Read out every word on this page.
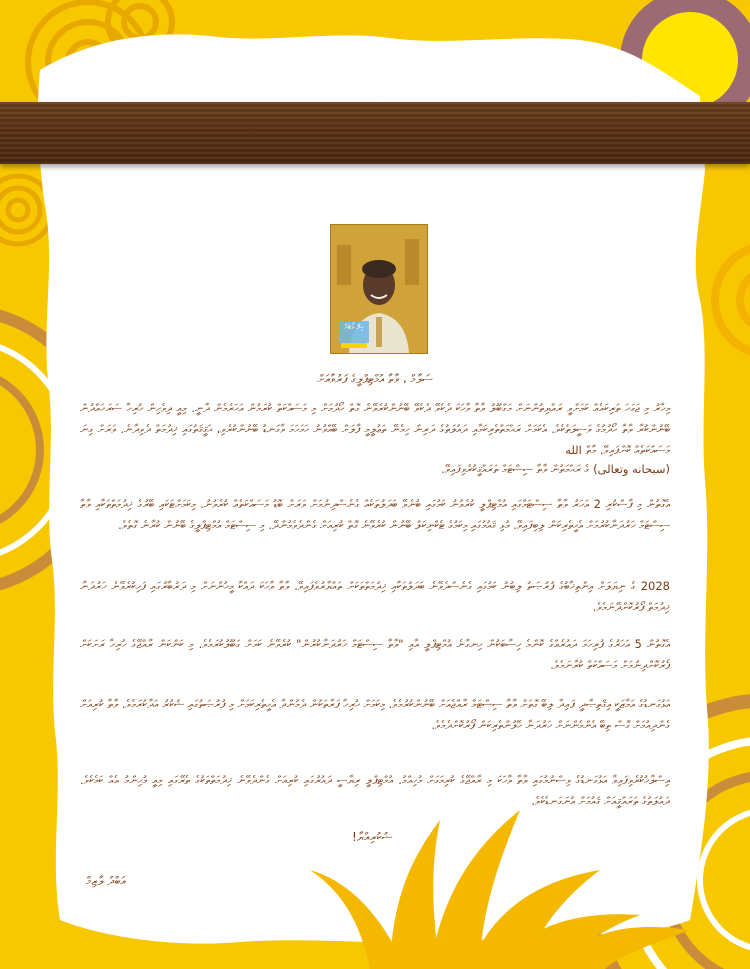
ހިލޭ ވޯޓެއް
ސަލާމް ، ވާތާ އުމްޓިޕްލީގެ ފަރުވާއަށް
މިހާރު މި ޖަގަހަ ތަރިކައެއް ކަމަށްވީ ރައްޔިތުންނަށް މަގްބޫލު ވާތާ ވާހަކަ ދެކެވޭ ދެކެވޭ ބޭނުންކުރެވޭނެ ގޮތް ހޯދުމަށް މި މަސައްކަތް ކުރަމުން އަހަރެމެން ދާނީ. މިއީ ދިވެހިން ހުރިހާ ސަރަހައްދުން ބޭނުންކުރާ ވާތާ ހޯދުމުގެ ވަސީލަތެކެވެ. އެކަމަށް ރަޙްމަތްތެރިކަމާއި ދައުލަތުގެ ދަރިން ހިމެނޭ ތަޢުލީމީ ފާލަށް ބޭއްވުނު ހަމަހަމަ ވާގަނޑު ބޭނުންކުރެވި، ޙަޤީޤަތުގައި ޚިދުމަތް ދެވިދާނެ. ވަރަށް ގިނަ މަސައްކަތެއް ކޮށްފައިވޭ. މާތް الله
(سبحانه وتعالى) ގެ ރަޙްމަތުން ވާތާ ސިސްޓަމް ތަރައްޤީކުރެވިފައިވޭ.
އެގޮތުން މި ފާސްކުރި 2 އަހަރު ވާތާ ސިސްޓަމްގައި އުމްޓިޕްލީ ކުރެވުނު ކަމުގައި ބުނެވޭ ބަދަލުތަކެއް ގެނެސްދިނުމަށް ވަރަށް ބޮޑު މަސައްކަތެއް ކުރެވުނު. މިކަމަށްޓަކައި ބޭރުގެ ޚިދުމަތްތަކާއި ވާތާ ސިސްޓަމް ހަރުދަނާކުރުމަށް އެހީތެރިކަން ލިބިފައިވޭ. މުޅި ޤައުމުގައި މިކަމުގެ ޓެކްނިކަލް ބޭނުން ކުރެވޭނެ ގޮތް ކުރިއަށް ގެންދެވެމުންދޭ. މި ސިސްޓަމް އުމްޓިޕްލީގެ ބޭނުން ކުރާނެ ގޮތެވެ.
2028 ގެ ނިޔަލަށް އިންތިޚާބުގެ ފުރުޞަތު ލިބުނު ކަމުގައި ގެނެސްދެވޭނެ ބަދަލުތަކާއި ޚިދުމަތްތަކަށް ތައްޔާރުވެފައިވޭ. ވާތާ ވާހަކަ ދައްކާ މީހުންނަށް މި ދަރުބާރުގައި ފަހިކުރެވޭނެ ހަރުދަނާ ޚިދުމަތް ފޯރުކޮށްދޭނަމެވެ.
އެގޮތުން 5 އަހަރުގެ ފުރިހަމަ ދައުރެއްގެ ކޮންމެ ހިސާބަކުން ހިނގާނެ އުމްޓިޕްލީ އާއި "ވާތާ ސިސްޓަމް ހަރުދަނާކުރުން" ކުރެވޭނެ ކަމަށް ގަބޫލުކުރަމެވެ. މި ކަންކަން ރާއްޖޭގެ ހުރިހާ ރަށަކަށް ފޯރުކޮށްދިނުމަށް މަސައްކަތް ކުރާނަމެވެ.
އަޅުގަނޑުގެ އަމާޒަކީ އިޤްތިޞާދީ ފައިދާ ލިބޭ ގޮތަށް ވާތާ ސިސްޓަމް ރާއްޖެއަށް ބޭނުންކުރުމެވެ. މިކަމަށް ހުރިހާ ފަރާތަކުން ދެމުންދާ އެހީތެރިކަމަށް މި ފުރުޞަތުގައި ޝުކުރު އަދާކުރަމެވެ. ވާތާ ކުރިއަށް ގެންދިއުމަށް ގޮސް ތިބޭ އެންމެންނަށް ހަރުދަނާ ހޭލުންތެރިކަން ފޯރުކޮށްދެމެވެ.
އިސްލާހުކުރެވިފައިވާ އަޅުގަނޑުގެ ވިސްނުމުގައި ވާތާ ވާހަކަ މި ރާއްޖޭގެ ކުރިމަގަށް މުހިއްމު. އުމްޓިޕްލީ ރިޔާސީ ދައުރުގައި ކުރިއަށް ގެންދެވޭނެ ޚިދުމަތްތަކުގެ ތެރޭގައި މިއީ މުހިންމު އެއް ކަމެކެވެ. ދައުލަތުގެ ތަރައްޤީއަށް ޤައުމަށް އުނަގަނޑެކެވެ.
ޝުކުރިއްޔާ!
އަބްދު ލާޒިމް
